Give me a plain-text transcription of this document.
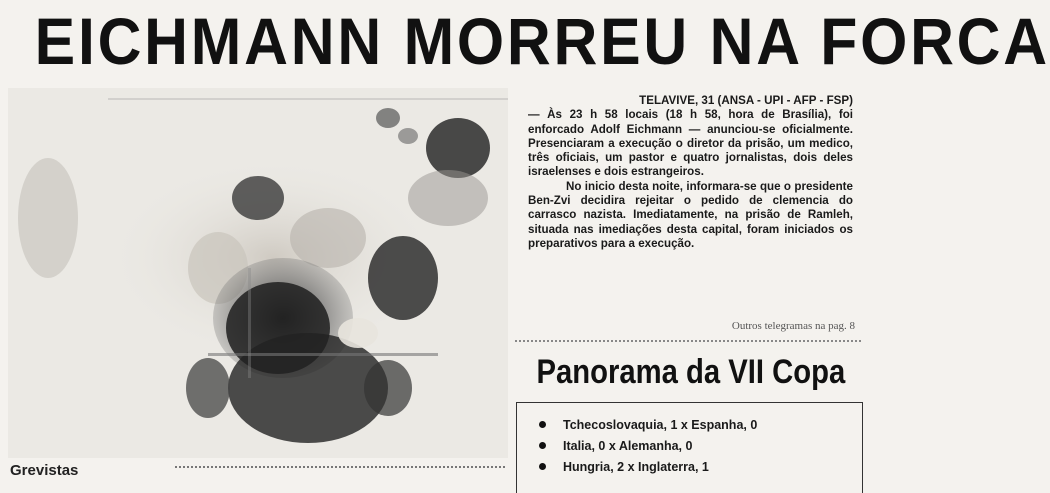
EICHMANN MORREU NA FORCA
Grevistas

TELAVIVE, 31 (ANSA - UPI - AFP - FSP)

— Às 23 h 58 locais (18 h 58, hora de Brasília), foi enforcado Adolf Eichmann — anunciou-se oficialmente. Presenciaram a execução o diretor da prisão, um medico, três oficiais, um pastor e quatro jornalistas, dois deles israelenses e dois estrangeiros.

No inicio desta noite, informara-se que o presidente Ben-Zvi decidira rejeitar o pedido de clemencia do carrasco nazista. Imediatamente, na prisão de Ramleh, situada nas imediações desta capital, foram iniciados os preparativos para a execução.

Outros telegramas na pag. 8
Panorama da VII Copa
Tchecoslovaquia, 1 x Espanha, 0
Italia, 0 x Alemanha, 0
Hungria, 2 x Inglaterra, 1
